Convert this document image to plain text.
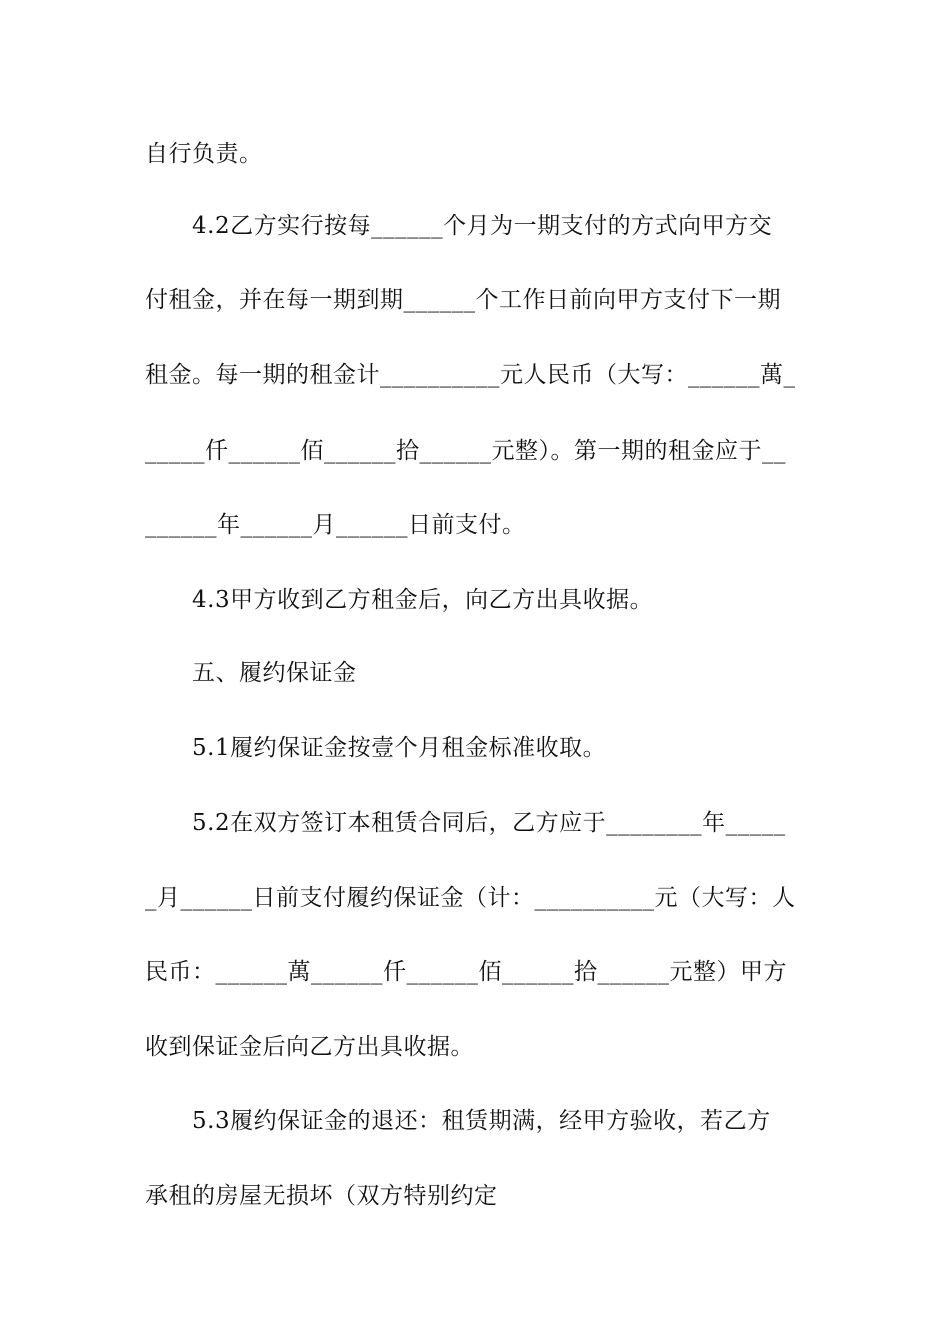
自行负责。
4.2乙方实行按每______个月为一期支付的方式向甲方交
付租金，并在每一期到期______个工作日前向甲方支付下一期
租金。每一期的租金计__________元人民币（大写：______萬_
_____仟______佰______拾______元整）。第一期的租金应于__
______年______月______日前支付。
4.3甲方收到乙方租金后，向乙方出具收据。
五、履约保证金
5.1履约保证金按壹个月租金标准收取。
5.2在双方签订本租赁合同后，乙方应于________年_____
_月______日前支付履约保证金（计：__________元（大写：人
民币：______萬______仟______佰______拾______元整）甲方
收到保证金后向乙方出具收据。
5.3履约保证金的退还：租赁期满，经甲方验收，若乙方
承租的房屋无损坏（双方特别约定
